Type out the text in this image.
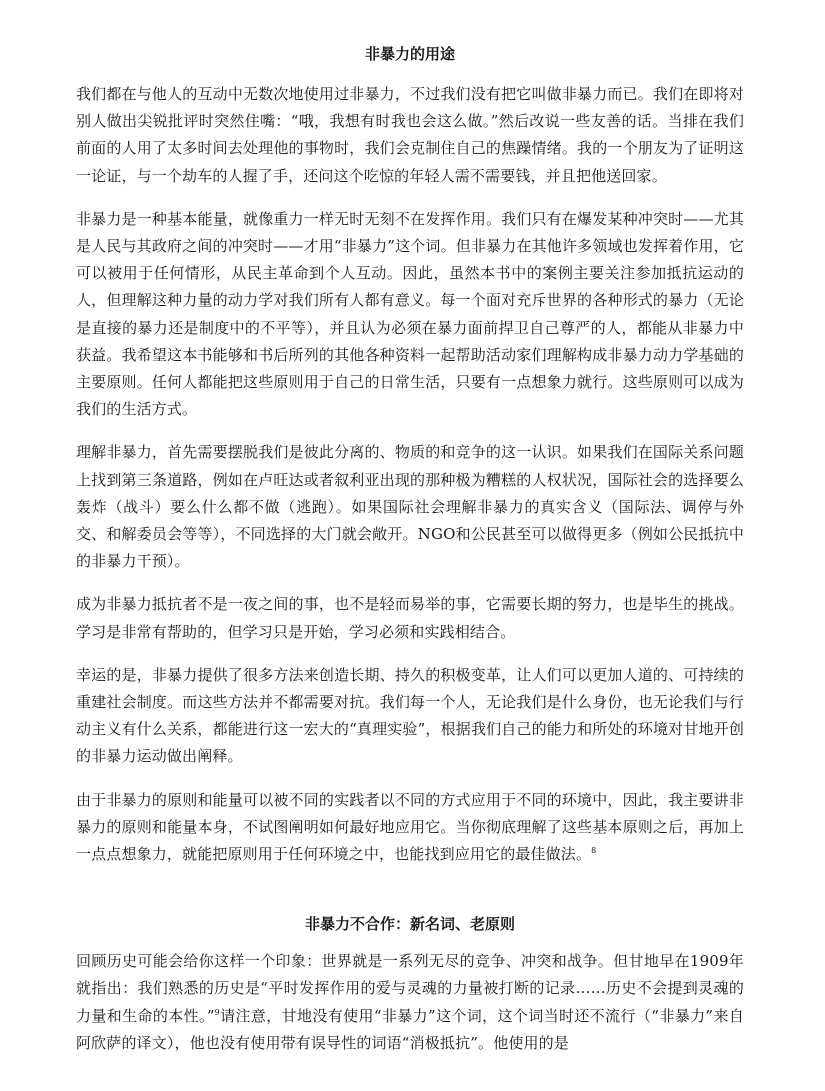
非暴力的用途

我们都在与他人的互动中无数次地使用过非暴力，不过我们没有把它叫做非暴力而已。我们在即将对别人做出尖锐批评时突然住嘴：“哦，我想有时我也会这么做。”然后改说一些友善的话。当排在我们前面的人用了太多时间去处理他的事物时，我们会克制住自己的焦躁情绪。我的一个朋友为了证明这一论证，与一个劫车的人握了手，还问这个吃惊的年轻人需不需要钱，并且把他送回家。

非暴力是一种基本能量，就像重力一样无时无刻不在发挥作用。我们只有在爆发某种冲突时——尤其是人民与其政府之间的冲突时——才用“非暴力”这个词。但非暴力在其他许多领域也发挥着作用，它可以被用于任何情形，从民主革命到个人互动。因此，虽然本书中的案例主要关注参加抵抗运动的人，但理解这种力量的动力学对我们所有人都有意义。每一个面对充斥世界的各种形式的暴力（无论是直接的暴力还是制度中的不平等），并且认为必须在暴力面前捍卫自己尊严的人，都能从非暴力中获益。我希望这本书能够和书后所列的其他各种资料一起帮助活动家们理解构成非暴力动力学基础的主要原则。任何人都能把这些原则用于自己的日常生活，只要有一点想象力就行。这些原则可以成为我们的生活方式。

理解非暴力，首先需要摆脱我们是彼此分离的、物质的和竞争的这一认识。如果我们在国际关系问题上找到第三条道路，例如在卢旺达或者叙利亚出现的那种极为糟糕的人权状况，国际社会的选择要么轰炸（战斗）要么什么都不做（逃跑）。如果国际社会理解非暴力的真实含义（国际法、调停与外交、和解委员会等等），不同选择的大门就会敞开。NGO和公民甚至可以做得更多（例如公民抵抗中的非暴力干预）。

成为非暴力抵抗者不是一夜之间的事，也不是轻而易举的事，它需要长期的努力，也是毕生的挑战。学习是非常有帮助的，但学习只是开始，学习必须和实践相结合。

幸运的是，非暴力提供了很多方法来创造长期、持久的积极变革，让人们可以更加人道的、可持续的重建社会制度。而这些方法并不都需要对抗。我们每一个人，无论我们是什么身份，也无论我们与行动主义有什么关系，都能进行这一宏大的“真理实验”，根据我们自己的能力和所处的环境对甘地开创的非暴力运动做出阐释。

由于非暴力的原则和能量可以被不同的实践者以不同的方式应用于不同的环境中，因此，我主要讲非暴力的原则和能量本身，不试图阐明如何最好地应用它。当你彻底理解了这些基本原则之后，再加上一点点想象力，就能把原则用于任何环境之中，也能找到应用它的最佳做法。$^8$

非暴力不合作：新名词、老原则

回顾历史可能会给你这样一个印象：世界就是一系列无尽的竞争、冲突和战争。但甘地早在1909年就指出：我们熟悉的历史是“平时发挥作用的爱与灵魂的力量被打断的记录……历史不会提到灵魂的力量和生命的本性。”$^9$请注意，甘地没有使用“非暴力”这个词，这个词当时还不流行（“非暴力”来自阿欣萨的译文），他也没有使用带有误导性的词语“消极抵抗”。他使用的是
